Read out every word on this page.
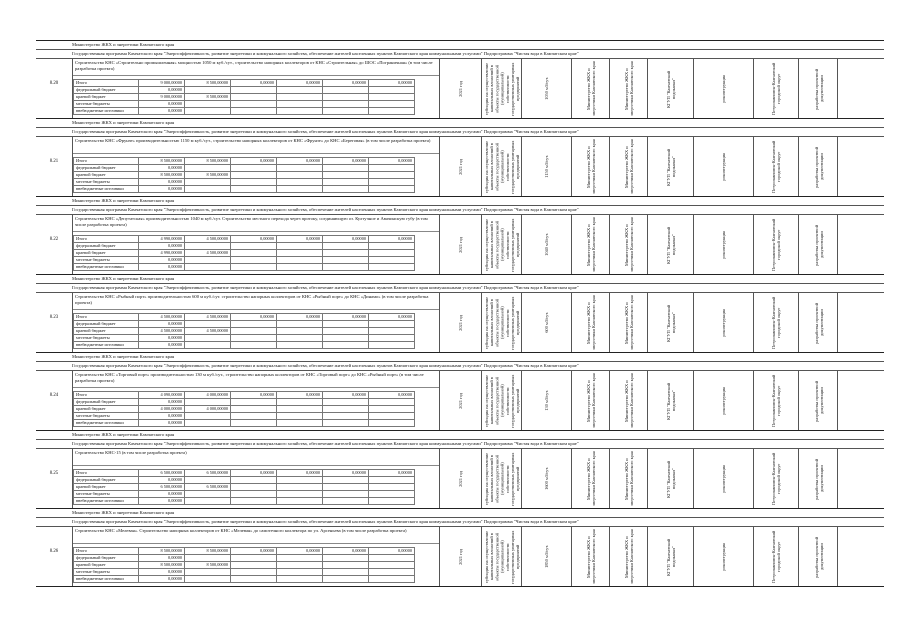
Министерство ЖКХ и энергетики Камчатского края
Государственная программа Камчатского края "Энергоэффективность, развитие энергетики и коммунального хозяйства, обеспечение жителей населенных пунктов Камчатского края коммунальными услугами" Подпрограмма "Чистая вода в Камчатском крае"
8.20
Строительство КНС «Строительно промышленная» мощностью 1050 м куб./сут., строительство напорных коллекторов от КНС «Строительная» до ШОС «Пограничная» (в том числе разработка проекта)
Итого	9 000,00000	8 500,00000	0,00000	0,00000	0,00000	0,00000
федеральный бюджет	0,00000					
краевой бюджет	9 000,00000	8 500,00000				
местные бюджеты	0,00000					
внебюджетные источники	0,00000					
2021 год	субсидия на осуществление капитальных вложений в объекты государственной (муниципальной) собственности государственных унитарных предприятий	1050 м3/сут.	Министерство ЖКХ и энергетики Камчатского края	Министерство ЖКХ и энергетики Камчатского края	КГУП "Камчатский водоканал"	реконструкция	Петропавловск-Камчатский городской округ	разработка проектной документации
Министерство ЖКХ и энергетики Камчатского края
Государственная программа Камчатского края "Энергоэффективность, развитие энергетики и коммунального хозяйства, обеспечение жителей населенных пунктов Камчатского края коммунальными услугами" Подпрограмма "Чистая вода в Камчатском крае"
8.21
Строительство КНС «Фрунзе» производительностью 1150 м куб./сут., строительство напорных коллекторов от КНС «Фрунзе» до КНС «Береговая» (в том числе разработка проекта)
Итого	8 500,00000	8 500,00000	0,00000	0,00000	0,00000	0,00000
федеральный бюджет	0,00000					
краевой бюджет	8 500,00000	8 500,00000				
местные бюджеты	0,00000					
внебюджетные источники	0,00000					
2021 год	субсидия на осуществление капитальных вложений в объекты государственной (муниципальной) собственности государственных унитарных предприятий	1150 м3/сут.	Министерство ЖКХ и энергетики Камчатского края	Министерство ЖКХ и энергетики Камчатского края	КГУП "Камчатский водоканал"	реконструкция	Петропавловск-Камчатский городской округ	разработка проектной документации
Министерство ЖКХ и энергетики Камчатского края
Государственная программа Камчатского края "Энергоэффективность, развитие энергетики и коммунального хозяйства, обеспечение жителей населенных пунктов Камчатского края коммунальными услугами" Подпрограмма "Чистая вода в Камчатском крае"
8.22
Строительство КНС «Депутатская» производительностью 1040 м куб./сут. Строительство местного перехода через протоку, соединяющую оз. Култучное и Авачинскую губу (в том числе разработка проекта)
Итого	4 990,00000	4 500,00000	0,00000	0,00000	0,00000	0,00000
федеральный бюджет	0,00000					
краевой бюджет	4 990,00000	4 500,00000				
местные бюджеты	0,00000					
внебюджетные источники	0,00000					
2021 год	субсидия на осуществление капитальных вложений в объекты государственной (муниципальной) собственности государственных унитарных предприятий	1040 м3/сут.	Министерство ЖКХ и энергетики Камчатского края	Министерство ЖКХ и энергетики Камчатского края	КГУП "Камчатский водоканал"	реконструкция	Петропавловск-Камчатский городской округ	разработка проектной документации
Министерство ЖКХ и энергетики Камчатского края
Государственная программа Камчатского края "Энергоэффективность, развитие энергетики и коммунального хозяйства, обеспечение жителей населенных пунктов Камчатского края коммунальными услугами" Подпрограмма "Чистая вода в Камчатском крае"
8.23
Строительство КНС «Рыбный порт» производительностью 600 м куб./сут. строительство напорных коллекторов от КНС «Рыбный порт» до КНС «Динамо» (в том числе разработка проекта)
Итого	4 500,00000	4 500,00000	0,00000	0,00000	0,00000	0,00000
федеральный бюджет	0,00000					
краевой бюджет	4 500,00000	4 500,00000				
местные бюджеты	0,00000					
внебюджетные источники	0,00000					
2021 год	субсидия на осуществление капитальных вложений в объекты государственной (муниципальной) собственности государственных унитарных предприятий	600 м3/сут.	Министерство ЖКХ и энергетики Камчатского края	Министерство ЖКХ и энергетики Камчатского края	КГУП "Камчатский водоканал"	реконструкция	Петропавловск-Камчатский городской округ	разработка проектной документации
Министерство ЖКХ и энергетики Камчатского края
Государственная программа Камчатского края "Энергоэффективность, развитие энергетики и коммунального хозяйства, обеспечение жителей населенных пунктов Камчатского края коммунальными услугами" Подпрограмма "Чистая вода в Камчатском крае"
8.24
Строительство КНС «Торговый порт» производительностью 130 м куб./сут., строительство напорных коллекторов от КНС «Торговый порт» до КНС «Рыбный порт» (в том числе разработка проекта)
Итого	4 090,00000	4 000,00000	0,00000	0,00000	0,00000	0,00000
федеральный бюджет	0,00000					
краевой бюджет	4 000,00000	4 000,00000				
местные бюджеты	0,00000					
внебюджетные источники	0,00000					
2021 год	субсидия на осуществление капитальных вложений в объекты государственной (муниципальной) собственности государственных унитарных предприятий	130 м3/сут.	Министерство ЖКХ и энергетики Камчатского края	Министерство ЖКХ и энергетики Камчатского края	КГУП "Камчатский водоканал"	реконструкция	Петропавловск-Камчатский городской округ	разработка проектной документации
Министерство ЖКХ и энергетики Камчатского края
Государственная программа Камчатского края "Энергоэффективность, развитие энергетики и коммунального хозяйства, обеспечение жителей населенных пунктов Камчатского края коммунальными услугами" Подпрограмма "Чистая вода в Камчатском крае"
8.25
Строительство КНС-15 (в том числе разработка проекта)
Итого	6 500,00000	6 500,00000	0,00000	0,00000	0,00000	0,00000
федеральный бюджет	0,00000					
краевой бюджет	6 500,00000	6 500,00000				
местные бюджеты	0,00000					
внебюджетные источники	0,00000					
2021 год	субсидия на осуществление капитальных вложений в объекты государственной (муниципальной) собственности государственных унитарных предприятий	1600 м3/сут.	Министерство ЖКХ и энергетики Камчатского края	Министерство ЖКХ и энергетики Камчатского края	КГУП "Камчатский водоканал"	реконструкция	Петропавловск-Камчатский городской округ	разработка проектной документации
Министерство ЖКХ и энергетики Камчатского края
Государственная программа Камчатского края "Энергоэффективность, развитие энергетики и коммунального хозяйства, обеспечение жителей населенных пунктов Камчатского края коммунальными услугами" Подпрограмма "Чистая вода в Камчатском крае"
8.26
Строительство КНС «Мелевая». Строительство напорных коллекторов от КНС «Мелевая» до самотечного коллектора по ул. Арсеньева (в том числе разработка проекта)
Итого	8 500,00000	8 500,00000	0,00000	0,00000	0,00000	0,00000
федеральный бюджет	0,00000					
краевой бюджет	8 500,00000	8 500,00000				
местные бюджеты	0,00000					
внебюджетные источники	0,00000					
2021 год	субсидия на осуществление капитальных вложений в объекты государственной (муниципальной) собственности государственных унитарных предприятий	1850 м3/сут.	Министерство ЖКХ и энергетики Камчатского края	Министерство ЖКХ и энергетики Камчатского края	КГУП "Камчатский водоканал"	реконструкция	Петропавловск-Камчатский городской округ	разработка проектной документации
